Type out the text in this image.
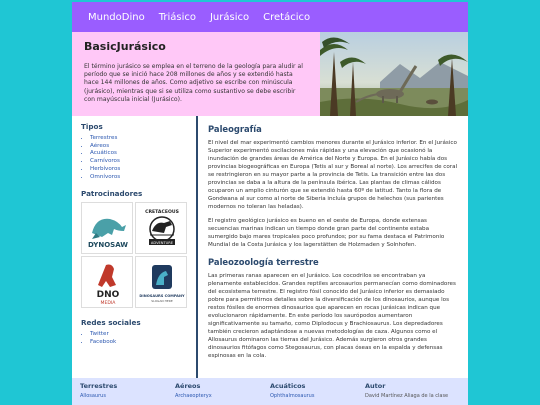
MundoDino Triásico Jurásico Cretácico
BasicJurásico
El término jurásico se emplea en el terreno de la geología para aludir al período que se inició hace 208 millones de años y se extendió hasta hace 144 millones de años. Como adjetivo se escribe con minúscula (jurásico), mientras que si se utiliza como sustantivo se debe escribir con mayúscula inicial (Jurásico).
Tipos
• Terrestres
• Aéreos
• Acuáticos
• Carnívoros
• Herbívoros
• Omnívoros
Patrocinadores
DYNOSAW
CRETACEOUS
ADVENTURE
DNO
MEDIA
DINOSAURS COMPANY
SLOGAN HERE
Redes sociales
• Twitter
• Facebook
Paleografía

El nivel del mar experimentó cambios menores durante el Jurásico inferior. En el Jurásico Superior experimentó oscilaciones más rápidas y una elevación que ocasionó la inundación de grandes áreas de América del Norte y Europa. En el Jurásico había dos provincias biogeográficas en Europa (Tetis al sur y Boreal al norte). Los arrecifes de coral se restringieron en su mayor parte a la provincia de Tetis. La transición entre las dos provincias se daba a la altura de la península ibérica. Las plantas de climas cálidos ocuparon un amplio cinturón que se extendió hasta 60º de latitud. Tanto la flora de Gondwana al sur como al norte de Siberia incluía grupos de helechos (sus parientes modernos no toleran las heladas).

El registro geológico jurásico es bueno en el oeste de Europa, donde extensas secuencias marinas indican un tiempo donde gran parte del continente estaba sumergido bajo mares tropicales poco profundos; por su fama destaca el Patrimonio Mundial de la Costa Jurásica y los lagerstätten de Holzmaden y Solnhofen.

Paleozoología terrestre

Las primeras ranas aparecen en el Jurásico. Los cocodrilos se encontraban ya plenamente establecidos. Grandes reptiles arcosaurios permanecían como dominadores del ecosistema terrestre. El registro fósil conocido del Jurásico inferior es demasiado pobre para permitirnos detalles sobre la diversificación de los dinosaurios, aunque los restos fósiles de enormes dinosaurios que aparecen en rocas jurásicas indican que evolucionaron rápidamente. En este período los saurópodos aumentaron significativamente su tamaño, como Diplodocus y Brachiosaurus. Los depredadores también crecieron adaptándose a nuevas metodologías de caza. Algunos como el Allosaurus dominaron las tierras del Jurásico. Además surgieron otros grandes dinosaurios fitófagos como Stegosaurus, con placas óseas en la espalda y defensas espinosas en la cola.

Terrestres
Allosaurus
Aéreos
Archaeopteryx
Acuáticos
Ophthalmosaurus
Autor
David Martínez Aliaga de la clase
